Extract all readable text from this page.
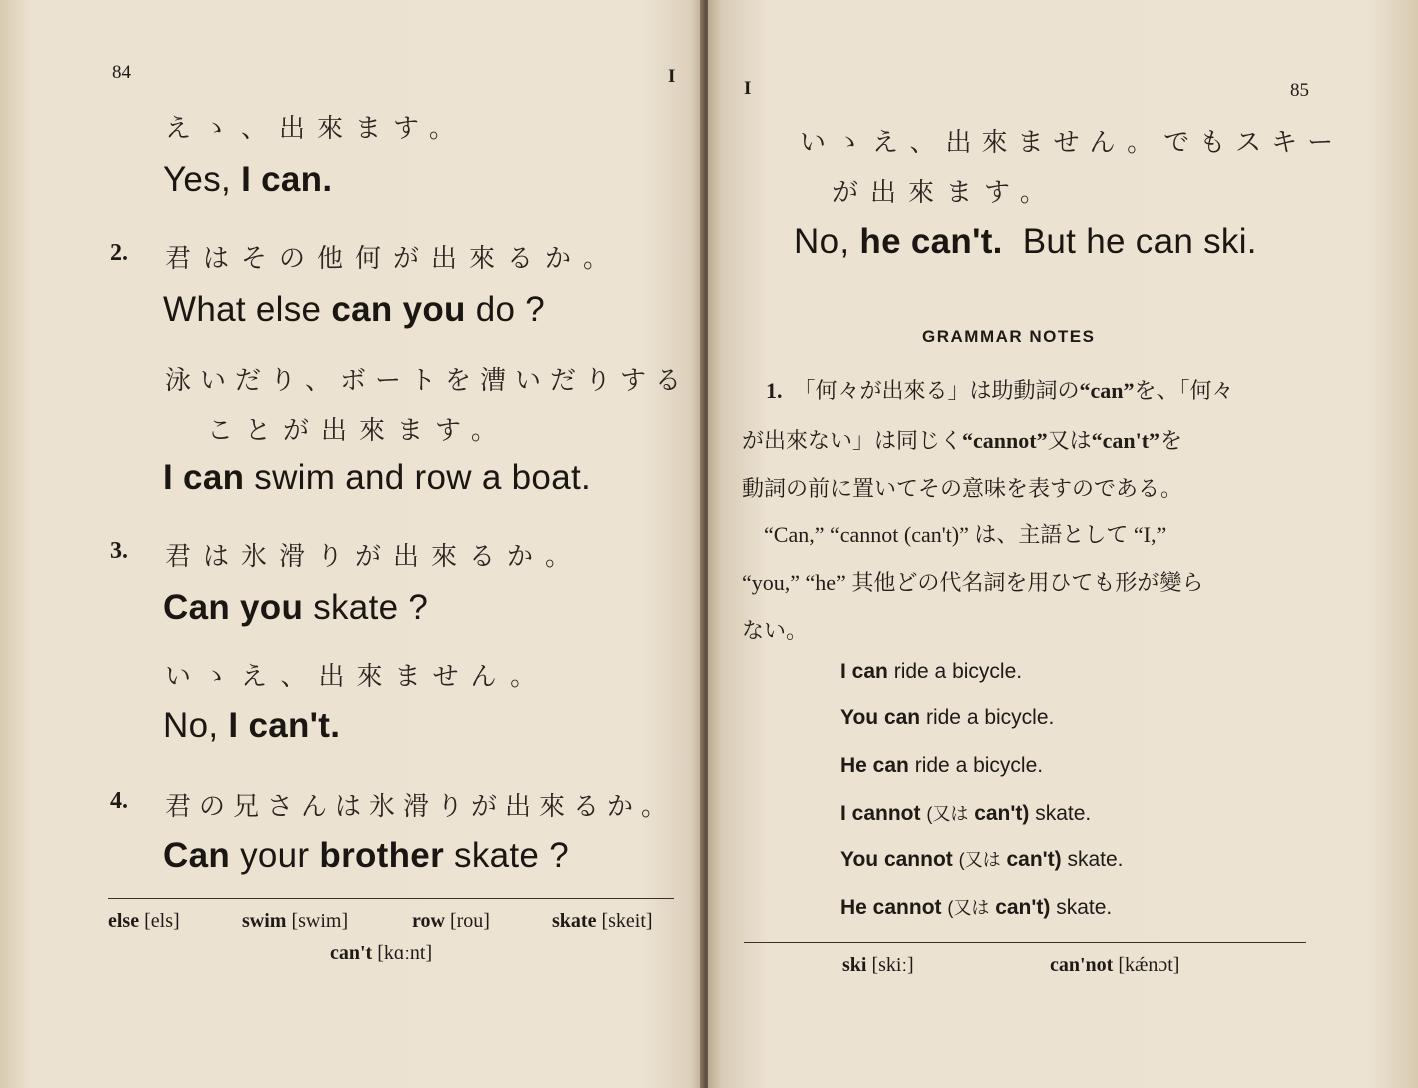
84	I
えゝ、出來ます。
Yes, I can.
2. 君はその他何が出來るか。
What else can you do ?
泳いだり、ボートを漕いだりする
ことが出來ます。
I can swim and row a boat.
3. 君は氷滑りが出來るか。
Can you skate ?
いゝえ、出來ません。
No, I can't.
4. 君の兄さんは氷滑りが出來るか。
Can your brother skate ?
else [els]	swim [swim]	row [rou]	skate [skeit]
can't [kɑːnt]
I	85
いゝえ、出來ません。でもスキー
が出來ます。
No, he can't. But he can ski.
GRAMMAR NOTES
1. 「何々が出來る」は助動詞の“can”を、「何々
が出來ない」は同じく“cannot”又は“can't”を
動詞の前に置いてその意味を表すのである。
“Can,” “cannot (can't)” は、主語として “I,”
“you,” “he” 其他どの代名詞を用ひても形が變ら
ない。
I can ride a bicycle.
You can ride a bicycle.
He can ride a bicycle.
I cannot (又は can't) skate.
You cannot (又は can't) skate.
He cannot (又は can't) skate.
ski [skiː]	can'not [kǽnɔt]
